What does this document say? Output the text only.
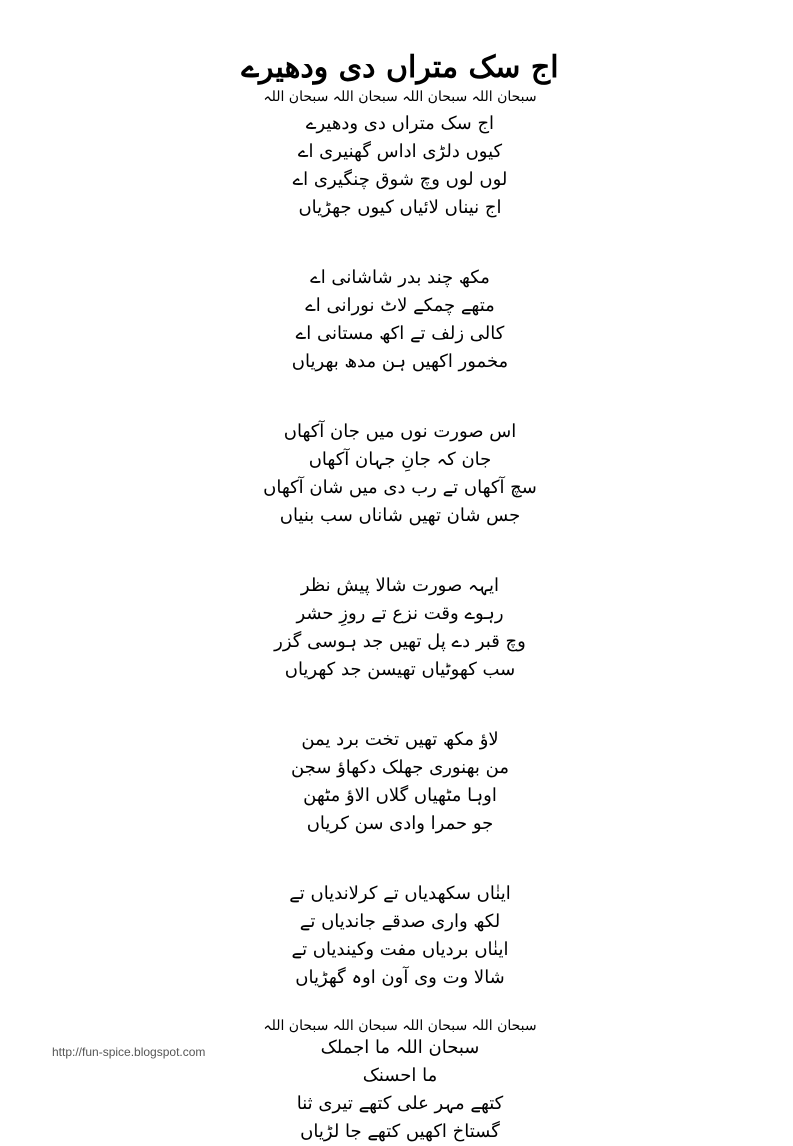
اج سک متراں دی ودھیرے
سبحان اللہ سبحان اللہ سبحان اللہ سبحان اللہ
اج سک متراں دی ودھیرے
کیوں دلڑی اداس گھنیری اے
لوں لوں وچ شوق چنگیری اے
اج نیناں لائیاں کیوں جھڑیاں
مکھ چند بدر شاشانی اے
متھے چمکے لاٹ نورانی اے
کالی زلف تے اکھ مستانی اے
مخمور اکھیں ہن مدھ بھریاں
اس صورت نوں میں جان آکھاں
جان کہ جانِ جہان آکھاں
سچ آکھاں تے رب دی میں شان آکھاں
جس شان تھیں شاناں سب بنیاں
ایہہ صورت شالا پیش نظر
رہوے وقت نزع تے روزِ حشر
وچ قبر دے پل تھیں جد ہوسی گزر
سب کھوٹیاں تھیسن جد کھریاں
لاؤ مکھ تھیں تخت برد یمن
من بھنوری جھلک دکھاؤ سجن
اوہا مٹھیاں گلاں الاؤ مٹھن
جو حمرا وادی سن کریاں
اینٰاں سکھدیاں تے کرلاندیاں تے
لکھ واری صدقے جاندیاں تے
اینٰاں بردیاں مفت وکیندیاں تے
شالا وت وی آون اوہ گھڑیاں
سبحان اللہ ما اجملک
ما احسنک
کتھے مہر علی کتھے تیری ثنا
گستاخ اکھیں کتھے جا لڑیاں
سبحان اللہ سبحان اللہ سبحان اللہ سبحان اللہ
http://fun-spice.blogspot.com
